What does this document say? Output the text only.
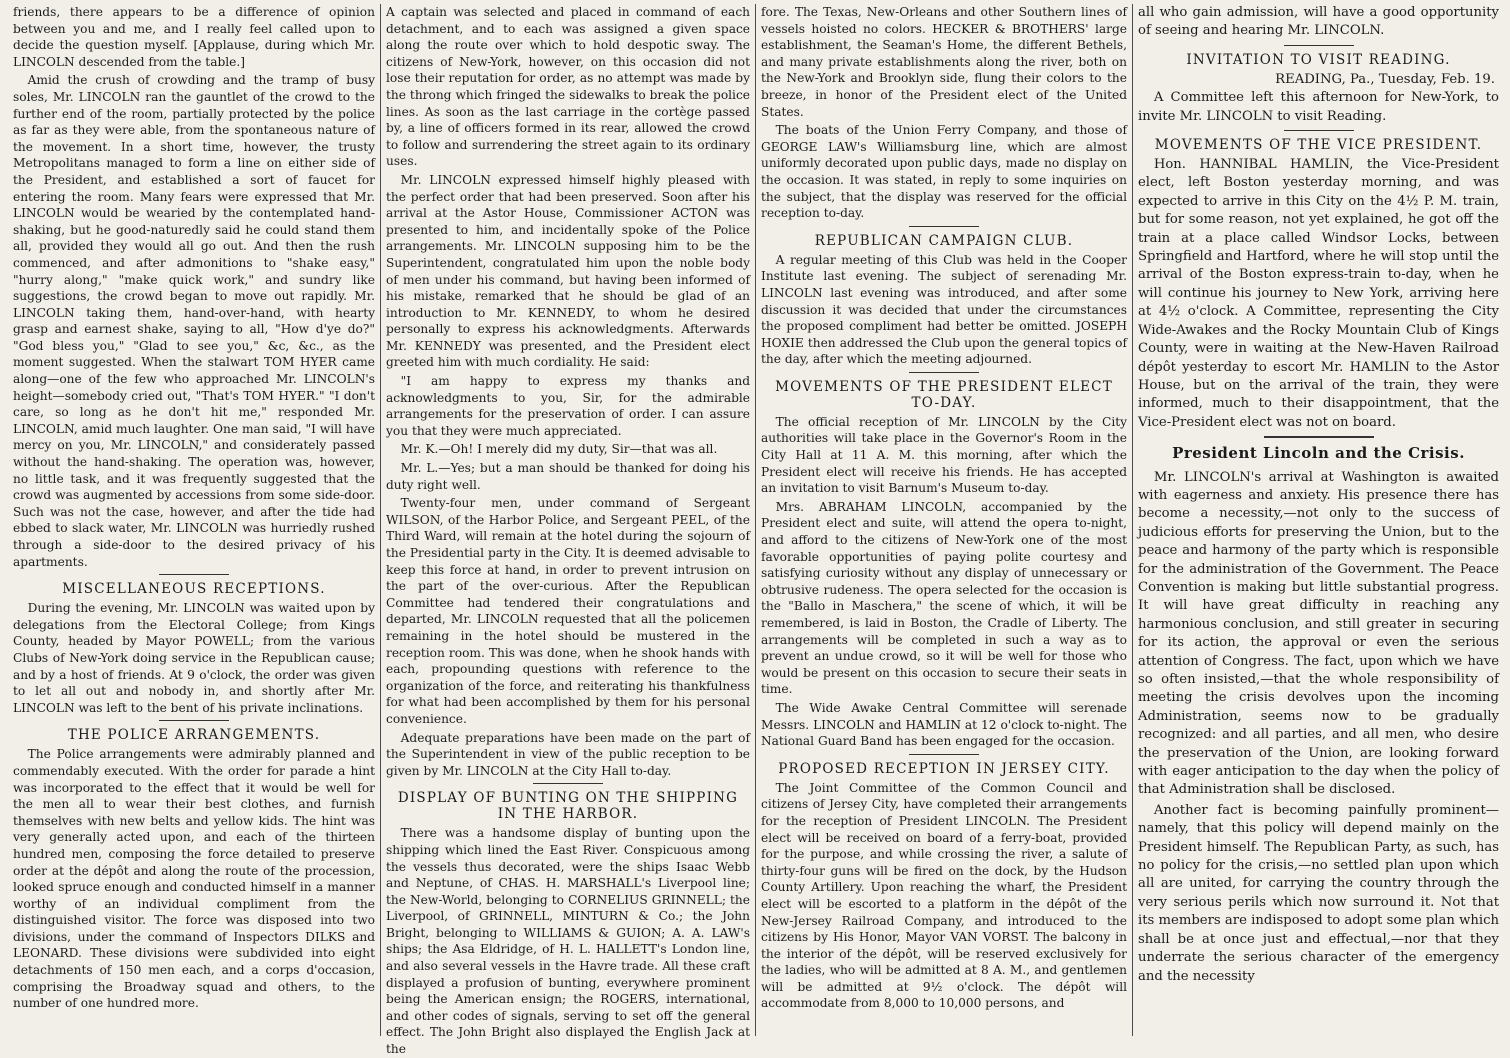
friends, there appears to be a difference of opinion between you and me, and I really feel called upon to decide the question myself. [Applause, during which Mr. LINCOLN descended from the table.]

Amid the crush of crowding and the tramp of busy soles, Mr. LINCOLN ran the gauntlet of the crowd to the further end of the room, partially protected by the police as far as they were able, from the spontaneous nature of the movement. In a short time, however, the trusty Metropolitans managed to form a line on either side of the President, and established a sort of faucet for entering the room. Many fears were expressed that Mr. LINCOLN would be wearied by the contemplated hand-shaking, but he good-naturedly said he could stand them all, provided they would all go out. And then the rush commenced, and after admonitions to "shake easy," "hurry along," "make quick work," and sundry like suggestions, the crowd began to move out rapidly. Mr. LINCOLN taking them, hand-over-hand, with hearty grasp and earnest shake, saying to all, "How d'ye do?" "God bless you," "Glad to see you," &c, &c., as the moment suggested. When the stalwart TOM HYER came along—one of the few who approached Mr. LINCOLN's height—somebody cried out, "That's TOM HYER." "I don't care, so long as he don't hit me," responded Mr. LINCOLN, amid much laughter. One man said, "I will have mercy on you, Mr. LINCOLN," and considerately passed without the hand-shaking. The operation was, however, no little task, and it was frequently suggested that the crowd was augmented by accessions from some side-door. Such was not the case, however, and after the tide had ebbed to slack water, Mr. LINCOLN was hurriedly rushed through a side-door to the desired privacy of his apartments.

MISCELLANEOUS RECEPTIONS.

During the evening, Mr. LINCOLN was waited upon by delegations from the Electoral College; from Kings County, headed by Mayor POWELL; from the various Clubs of New-York doing service in the Republican cause; and by a host of friends. At 9 o'clock, the order was given to let all out and nobody in, and shortly after Mr. LINCOLN was left to the bent of his private inclinations.

THE POLICE ARRANGEMENTS.

The Police arrangements were admirably planned and commendably executed. With the order for parade a hint was incorporated to the effect that it would be well for the men all to wear their best clothes, and furnish themselves with new belts and yellow kids. The hint was very generally acted upon, and each of the thirteen hundred men, composing the force detailed to preserve order at the dépôt and along the route of the procession, looked spruce enough and conducted himself in a manner worthy of an individual compliment from the distinguished visitor. The force was disposed into two divisions, under the command of Inspectors DILKS and LEONARD. These divisions were subdivided into eight detachments of 150 men each, and a corps d'occasion, comprising the Broadway squad and others, to the number of one hundred more.

A captain was selected and placed in command of each detachment, and to each was assigned a given space along the route over which to hold despotic sway. The citizens of New-York, however, on this occasion did not lose their reputation for order, as no attempt was made by the throng which fringed the sidewalks to break the police lines. As soon as the last carriage in the cortège passed by, a line of officers formed in its rear, allowed the crowd to follow and surrendering the street again to its ordinary uses.

Mr. LINCOLN expressed himself highly pleased with the perfect order that had been preserved. Soon after his arrival at the Astor House, Commissioner ACTON was presented to him, and incidentally spoke of the Police arrangements. Mr. LINCOLN supposing him to be the Superintendent, congratulated him upon the noble body of men under his command, but having been informed of his mistake, remarked that he should be glad of an introduction to Mr. KENNEDY, to whom he desired personally to express his acknowledgments. Afterwards Mr. KENNEDY was presented, and the President elect greeted him with much cordiality. He said:

"I am happy to express my thanks and acknowledgments to you, Sir, for the admirable arrangements for the preservation of order. I can assure you that they were much appreciated.

Mr. K.—Oh! I merely did my duty, Sir—that was all.

Mr. L.—Yes; but a man should be thanked for doing his duty right well.

Twenty-four men, under command of Sergeant WILSON, of the Harbor Police, and Sergeant PEEL, of the Third Ward, will remain at the hotel during the sojourn of the Presidential party in the City. It is deemed advisable to keep this force at hand, in order to prevent intrusion on the part of the over-curious. After the Republican Committee had tendered their congratulations and departed, Mr. LINCOLN requested that all the policemen remaining in the hotel should be mustered in the reception room. This was done, when he shook hands with each, propounding questions with reference to the organization of the force, and reiterating his thankfulness for what had been accomplished by them for his personal convenience.

Adequate preparations have been made on the part of the Superintendent in view of the public reception to be given by Mr. LINCOLN at the City Hall to-day.

DISPLAY OF BUNTING ON THE SHIPPING IN THE HARBOR.

There was a handsome display of bunting upon the shipping which lined the East River. Conspicuous among the vessels thus decorated, were the ships Isaac Webb and Neptune, of CHAS. H. MARSHALL's Liverpool line; the New-World, belonging to CORNELIUS GRINNELL; the Liverpool, of GRINNELL, MINTURN & Co.; the John Bright, belonging to WILLIAMS & GUION; A. A. LAW's ships; the Asa Eldridge, of H. L. HALLETT's London line, and also several vessels in the Havre trade. All these craft displayed a profusion of bunting, everywhere prominent being the American ensign; the ROGERS, international, and other codes of signals, serving to set off the general effect. The John Bright also displayed the English Jack at the

fore. The Texas, New-Orleans and other Southern lines of vessels hoisted no colors. HECKER & BROTHERS' large establishment, the Seaman's Home, the different Bethels, and many private establishments along the river, both on the New-York and Brooklyn side, flung their colors to the breeze, in honor of the President elect of the United States.

The boats of the Union Ferry Company, and those of GEORGE LAW's Williamsburg line, which are almost uniformly decorated upon public days, made no display on the occasion. It was stated, in reply to some inquiries on the subject, that the display was reserved for the official reception to-day.

REPUBLICAN CAMPAIGN CLUB.

A regular meeting of this Club was held in the Cooper Institute last evening. The subject of serenading Mr. LINCOLN last evening was introduced, and after some discussion it was decided that under the circumstances the proposed compliment had better be omitted. JOSEPH HOXIE then addressed the Club upon the general topics of the day, after which the meeting adjourned.

MOVEMENTS OF THE PRESIDENT ELECT TO-DAY.

The official reception of Mr. LINCOLN by the City authorities will take place in the Governor's Room in the City Hall at 11 A. M. this morning, after which the President elect will receive his friends. He has accepted an invitation to visit Barnum's Museum to-day.

Mrs. ABRAHAM LINCOLN, accompanied by the President elect and suite, will attend the opera to-night, and afford to the citizens of New-York one of the most favorable opportunities of paying polite courtesy and satisfying curiosity without any display of unnecessary or obtrusive rudeness. The opera selected for the occasion is the "Ballo in Maschera," the scene of which, it will be remembered, is laid in Boston, the Cradle of Liberty. The arrangements will be completed in such a way as to prevent an undue crowd, so it will be well for those who would be present on this occasion to secure their seats in time.

The Wide Awake Central Committee will serenade Messrs. LINCOLN and HAMLIN at 12 o'clock to-night. The National Guard Band has been engaged for the occasion.

PROPOSED RECEPTION IN JERSEY CITY.

The Joint Committee of the Common Council and citizens of Jersey City, have completed their arrangements for the reception of President LINCOLN. The President elect will be received on board of a ferry-boat, provided for the purpose, and while crossing the river, a salute of thirty-four guns will be fired on the dock, by the Hudson County Artillery. Upon reaching the wharf, the President elect will be escorted to a platform in the dépôt of the New-Jersey Railroad Company, and introduced to the citizens by His Honor, Mayor VAN VORST. The balcony in the interior of the dépôt, will be reserved exclusively for the ladies, who will be admitted at 8 A. M., and gentlemen will be admitted at 9½ o'clock. The dépôt will accommodate from 8,000 to 10,000 persons, and

all who gain admission, will have a good opportunity of seeing and hearing Mr. LINCOLN.

INVITATION TO VISIT READING.
READING, Pa., Tuesday, Feb. 19.

A Committee left this afternoon for New-York, to invite Mr. LINCOLN to visit Reading.

MOVEMENTS OF THE VICE PRESIDENT.

Hon. HANNIBAL HAMLIN, the Vice-President elect, left Boston yesterday morning, and was expected to arrive in this City on the 4½ P. M. train, but for some reason, not yet explained, he got off the train at a place called Windsor Locks, between Springfield and Hartford, where he will stop until the arrival of the Boston express-train to-day, when he will continue his journey to New York, arriving here at 4½ o'clock. A Committee, representing the City Wide-Awakes and the Rocky Mountain Club of Kings County, were in waiting at the New-Haven Railroad dépôt yesterday to escort Mr. HAMLIN to the Astor House, but on the arrival of the train, they were informed, much to their disappointment, that the Vice-President elect was not on board.

President Lincoln and the Crisis.

Mr. LINCOLN's arrival at Washington is awaited with eagerness and anxiety. His presence there has become a necessity,—not only to the success of judicious efforts for preserving the Union, but to the peace and harmony of the party which is responsible for the administration of the Government. The Peace Convention is making but little substantial progress. It will have great difficulty in reaching any harmonious conclusion, and still greater in securing for its action, the approval or even the serious attention of Congress. The fact, upon which we have so often insisted,—that the whole responsibility of meeting the crisis devolves upon the incoming Administration, seems now to be gradually recognized: and all parties, and all men, who desire the preservation of the Union, are looking forward with eager anticipation to the day when the policy of that Administration shall be disclosed.

Another fact is becoming painfully prominent—namely, that this policy will depend mainly on the President himself. The Republican Party, as such, has no policy for the crisis,—no settled plan upon which all are united, for carrying the country through the very serious perils which now surround it. Not that its members are indisposed to adopt some plan which shall be at once just and effectual,—nor that they underrate the serious character of the emergency and the necessity
